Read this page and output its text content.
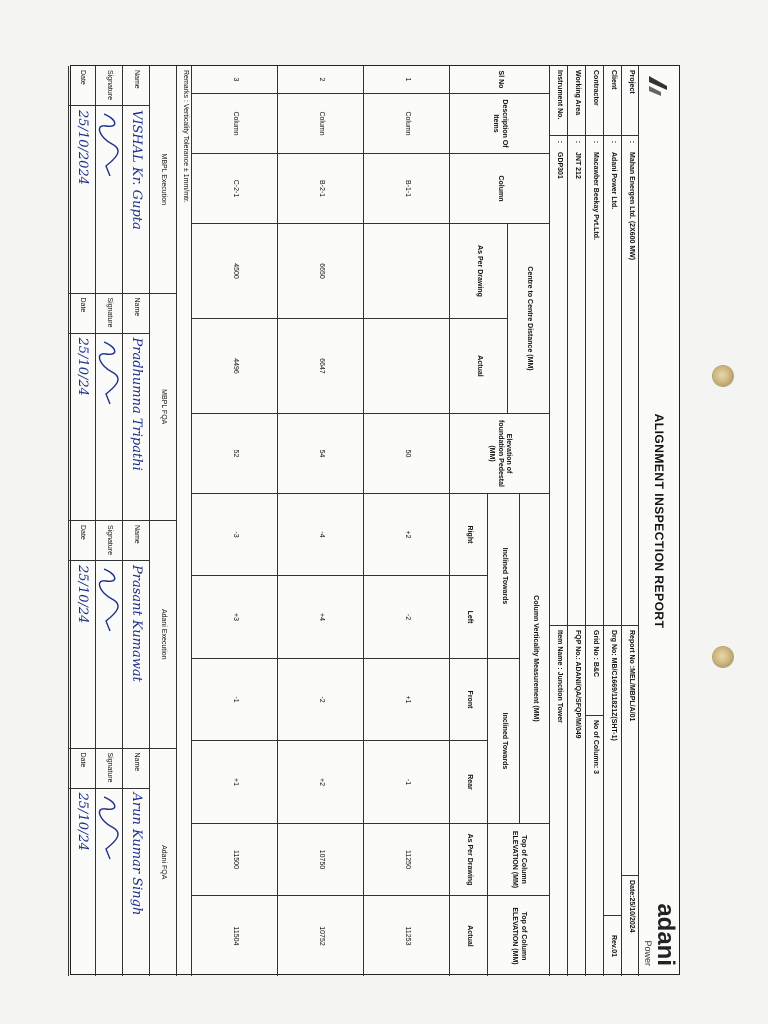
ALIGNMENT INSPECTION REPORT
adani
Power
Project
:
Mahan Energen Ltd. (2X600 MW)
Report No :MEL/MBPL/A/01
Date:25/10/2024
Client
:
Adani Power Ltd.
Drg No: MB/C1669/11821Z(SHT-1)
Rev.01
Contractor
:
Macawber Beekay Pvt.Ltd.
Grid No : B&C
No of Column: 3
Working Area
:
JNT 212
FQP No.: ADANI/QA/SFQP/M/049
Instrument No.
:
GDP301
Item Name : Junction Tower
Sl No
Description Of Items
Column
Centre to Centre Distance (MM)
As Per Drawing
Actual
Elevation of foundation Pedestal (MM)
Column Verticality Measurement (MM)
Inclined Towards
Inclined Towards
Right
Left
Front
Rear
Top of Column ELEVATION (MM)
As Per Drawing
Top of Column ELEVATION (MM)
Actual
1
Column
B-1-1
50
+2
-2
+1
-1
11250
11253
2
Column
B-2-1
6650
6647
54
-4
+4
-2
+2
10750
10752
3
Column
C-2-1
4500
4496
52
-3
+3
-1
+1
11500
11504
Remarks : Verticality Tolerance ± 1mm/mtr.
MBPL Execution
Name
VISHAL Kr. Gupta
Signature
Date
25/10/2024
MBPL FQA
Name
Pradhumna Tripathi
Signature
Date
25/10/24
Adani Execution
Name
Prasant Kumawat
Signature
Date
25/10/24
Adani FQA
Name
Arun Kumar Singh
Signature
Date
25/10/24
